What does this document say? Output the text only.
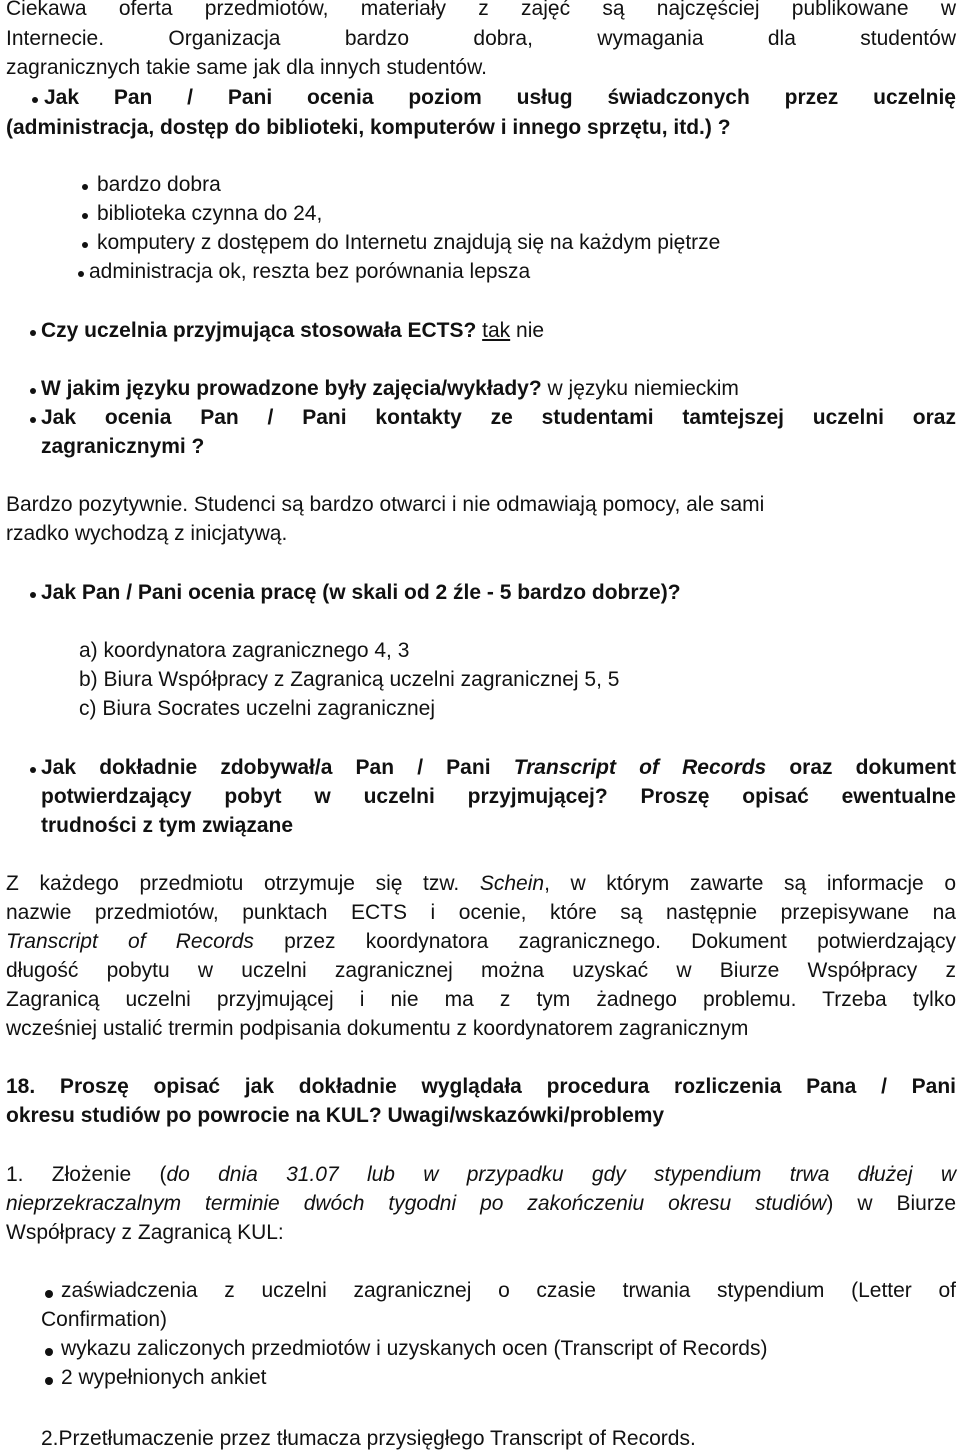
Ciekawa oferta przedmiotów, materiały z zajęć są najczęściej publikowane w
Internecie. Organizacja bardzo dobra, wymagania dla studentów
zagranicznych takie same jak dla innych studentów.
Jak Pan / Pani ocenia poziom usług świadczonych przez uczelnię
(administracja, dostęp do biblioteki, komputerów i innego sprzętu, itd.) ?
bardzo dobra
biblioteka czynna do 24,
komputery z dostępem do Internetu znajdują się na każdym piętrze
administracja ok, reszta bez porównania lepsza
Czy uczelnia przyjmująca stosowała ECTS? tak nie
W jakim języku prowadzone były zajęcia/wykłady? w języku niemieckim
Jak ocenia Pan / Pani kontakty ze studentami tamtejszej uczelni oraz
zagranicznymi ?
Bardzo pozytywnie. Studenci są bardzo otwarci i nie odmawiają pomocy, ale sami
rzadko wychodzą z inicjatywą.
Jak Pan / Pani ocenia pracę (w skali od 2 źle - 5 bardzo dobrze)?
a) koordynatora zagranicznego 4, 3
b) Biura Współpracy z Zagranicą uczelni zagranicznej 5, 5
c) Biura Socrates uczelni zagranicznej
Jak dokładnie zdobywał/a Pan / Pani Transcript of Records oraz dokument
potwierdzający pobyt w uczelni przyjmującej? Proszę opisać ewentualne
trudności z tym związane
Z każdego przedmiotu otrzymuje się tzw. Schein, w którym zawarte są informacje o
nazwie przedmiotów, punktach ECTS i ocenie, które są następnie przepisywane na
Transcript of Records przez koordynatora zagranicznego. Dokument potwierdzający
długość pobytu w uczelni zagranicznej można uzyskać w Biurze Współpracy z
Zagranicą uczelni przyjmującej i nie ma z tym żadnego problemu. Trzeba tylko
wcześniej ustalić trermin podpisania dokumentu z koordynatorem zagranicznym
18. Proszę opisać jak dokładnie wyglądała procedura rozliczenia Pana / Pani
okresu studiów po powrocie na KUL? Uwagi/wskazówki/problemy
1. Złożenie (do dnia 31.07 lub w przypadku gdy stypendium trwa dłużej w
nieprzekraczalnym terminie dwóch tygodni po zakończeniu okresu studiów) w Biurze
Współpracy z Zagranicą KUL:
zaświadczenia z uczelni zagranicznej o czasie trwania stypendium (Letter of
Confirmation)
wykazu zaliczonych przedmiotów i uzyskanych ocen (Transcript of Records)
2 wypełnionych ankiet
2.Przetłumaczenie przez tłumacza przysięgłego Transcript of Records.
